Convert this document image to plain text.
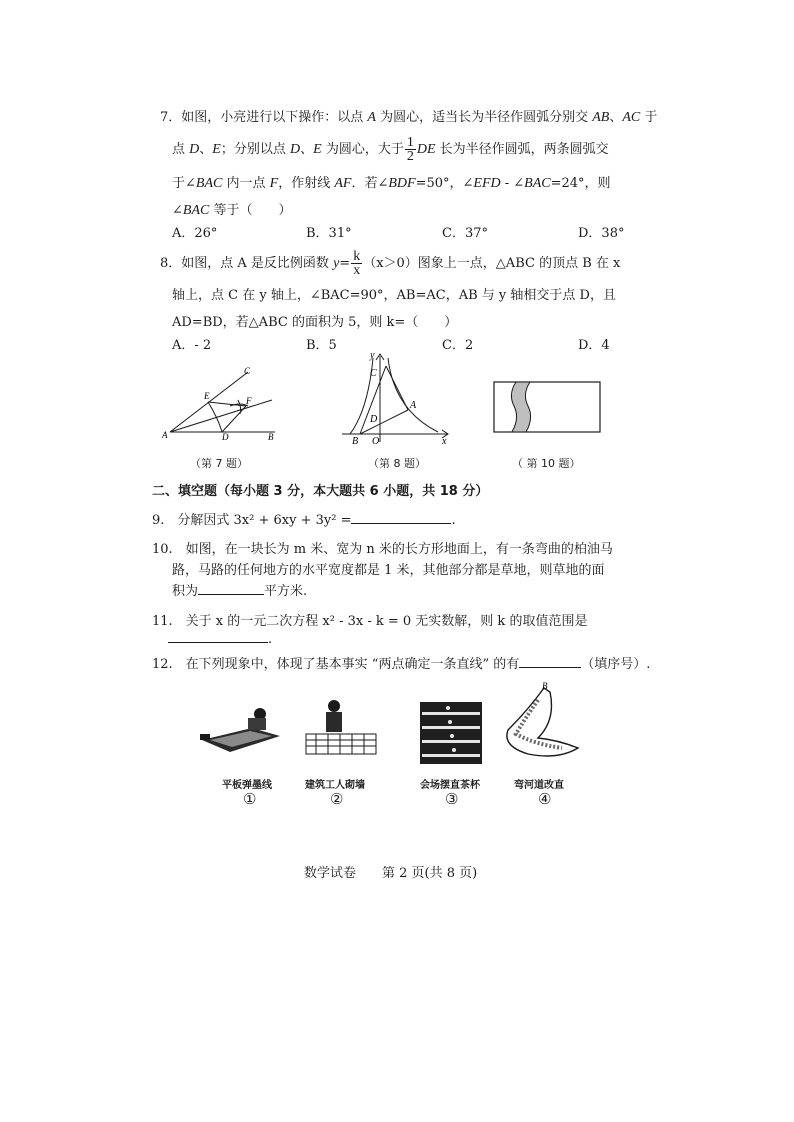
7．如图，小亮进行以下操作：以点 A 为圆心，适当长为半径作圆弧分别交 AB、AC 于
点 D、E；分别以点 D、E 为圆心，大于 $\frac{1}{2}$ DE 长为半径作圆弧，两条圆弧交
于∠BAC 内一点 F，作射线 AF．若∠BDF=50°，∠EFD - ∠BAC=24°，则
∠BAC 等于（　　）
A．26°	B．31°	C．37°	D．38°
8．如图，点 A 是反比例函数 $y= \frac{k}{x} (x>0)$图象上一点，△ABC 的顶点 B 在 x
轴上，点 C 在 y 轴上，∠BAC=90°，AB=AC，AB 与 y 轴相交于点 D，且
AD=BD，若△ABC 的面积为 5，则 k=（　　）
A．- 2	B．5	C．2	D．4
C
E	F
A	D	B
y
C
A
D
B O	x
（第 7 题）	（第 8 题）	（ 第 10 题）
二、填空题（每小题 3 分，本大题共 6 小题，共 18 分）
9.　分解因式 3x² + 6xy + 3y² =	.
10.　如图，在一块长为 m 米、宽为 n 米的长方形地面上，有一条弯曲的柏油马
路，马路的任何地方的水平宽度都是 1 米，其他部分都是草地，则草地的面
积为	平方米.
11.　关于 x 的一元二次方程 x² - 3x - k = 0 无实数解，则 k 的取值范围是
.
12.　在下列现象中，体现了基本事实 “两点确定一条直线” 的有	（填序号）.
B
平板弹墨线	建筑工人砌墙	会场摆直茶杯	弯河道改直
①	②	③	④
数学试卷　　第 2 页(共 8 页)
